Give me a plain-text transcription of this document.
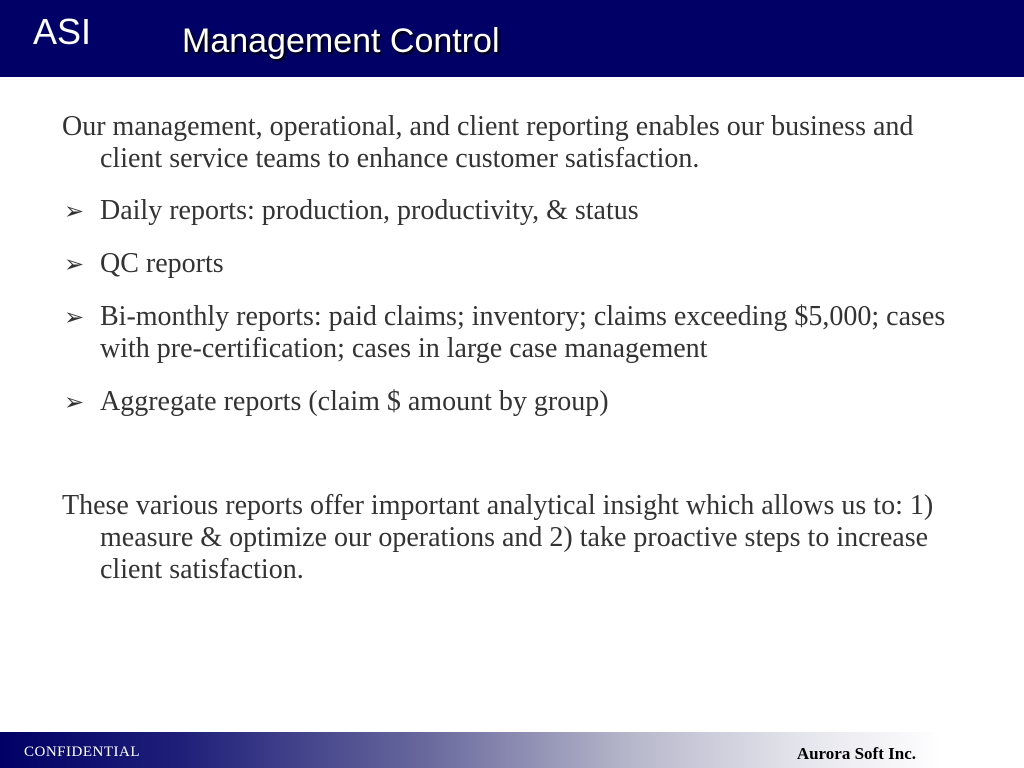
ASI	Management Control

Our management, operational, and client reporting enables our business and client service teams to enhance customer satisfaction.

➢ Daily reports: production, productivity, & status
➢ QC reports
➢ Bi-monthly reports: paid claims; inventory; claims exceeding $5,000; cases with pre-certification; cases in large case management
➢ Aggregate reports (claim $ amount by group)

These various reports offer important analytical insight which allows us to: 1) measure & optimize our operations and 2) take proactive steps to increase client satisfaction.

CONFIDENTIAL	Aurora Soft Inc.
